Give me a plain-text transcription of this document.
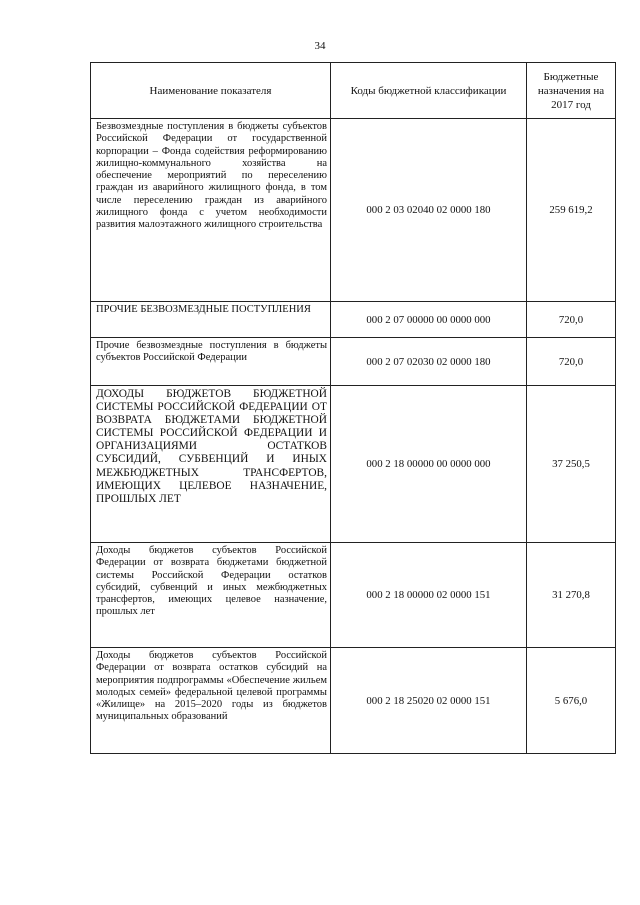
34
Наименование показателя	Коды бюджетной классификации	Бюджетные назначения на 2017 год
Безвозмездные поступления в бюджеты субъектов Российской Федерации от государственной корпорации – Фонда содействия реформированию жилищно-коммунального хозяйства на обеспечение мероприятий по переселению граждан из аварийного жилищного фонда, в том числе переселению граждан из аварийного жилищного фонда с учетом необходимости развития малоэтажного жилищного строительства	000 2 03 02040 02 0000 180	259 619,2
ПРОЧИЕ БЕЗВОЗМЕЗДНЫЕ ПОСТУПЛЕНИЯ	000 2 07 00000 00 0000 000	720,0
Прочие безвозмездные поступления в бюджеты субъектов Российской Федерации	000 2 07 02030 02 0000 180	720,0
ДОХОДЫ БЮДЖЕТОВ БЮДЖЕТНОЙ СИСТЕМЫ РОССИЙСКОЙ ФЕДЕРАЦИИ ОТ ВОЗВРАТА БЮДЖЕТАМИ БЮДЖЕТНОЙ СИСТЕМЫ РОССИЙСКОЙ ФЕДЕРАЦИИ И ОРГАНИЗАЦИЯМИ ОСТАТКОВ СУБСИДИЙ, СУБВЕНЦИЙ И ИНЫХ МЕЖБЮДЖЕТНЫХ ТРАНСФЕРТОВ, ИМЕЮЩИХ ЦЕЛЕВОЕ НАЗНАЧЕНИЕ, ПРОШЛЫХ ЛЕТ	000 2 18 00000 00 0000 000	37 250,5
Доходы бюджетов субъектов Российской Федерации от возврата бюджетами бюджетной системы Российской Федерации остатков субсидий, субвенций и иных межбюджетных трансфертов, имеющих целевое назначение, прошлых лет	000 2 18 00000 02 0000 151	31 270,8
Доходы бюджетов субъектов Российской Федерации от возврата остатков субсидий на мероприятия подпрограммы «Обеспечение жильем молодых семей» федеральной целевой программы «Жилище» на 2015–2020 годы из бюджетов муниципальных образований	000 2 18 25020 02 0000 151	5 676,0
